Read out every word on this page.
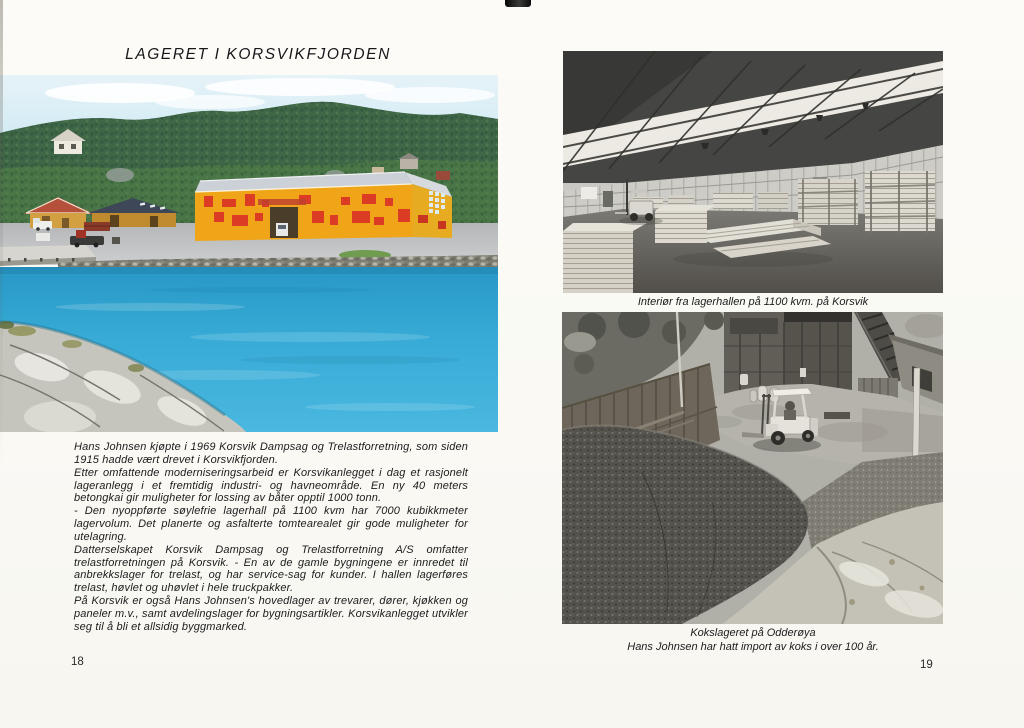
LAGERET I KORSVIKFJORDEN

Hans Johnsen kjøpte i 1969 Korsvik Dampsag og Trelastforretning, som siden 1915 hadde vært drevet i Korsvikfjorden.

Etter omfattende moderniseringsarbeid er Korsvikanlegget i dag et rasjonelt lageranlegg i et fremtidig industri- og havneområde. En ny 40 meters betongkai gir muligheter for lossing av båter opptil 1000 tonn.

- Den nyoppførte søylefrie lagerhall på 1100 kvm har 7000 kubikkmeter lagervolum. Det planerte og asfalterte tomtearealet gir gode muligheter for utelagring.

Datterselskapet Korsvik Dampsag og Trelastforretning A/S omfatter trelastforretningen på Korsvik. - En av de gamle bygningene er innredet til anbrekkslager for trelast, og har service-sag for kunder. I hallen lagerføres trelast, høvlet og uhøvlet i hele truckpakker.

På Korsvik er også Hans Johnsen's hovedlager av trevarer, dører, kjøkken og paneler m.v., samt avdelingslager for bygningsartikler. Korsvikanlegget utvikler seg til å bli et allsidig byggmarked.

18
Interiør fra lagerhallen på 1100 kvm. på Korsvik
Kokslageret på Odderøya
Hans Johnsen har hatt import av koks i over 100 år.
19
